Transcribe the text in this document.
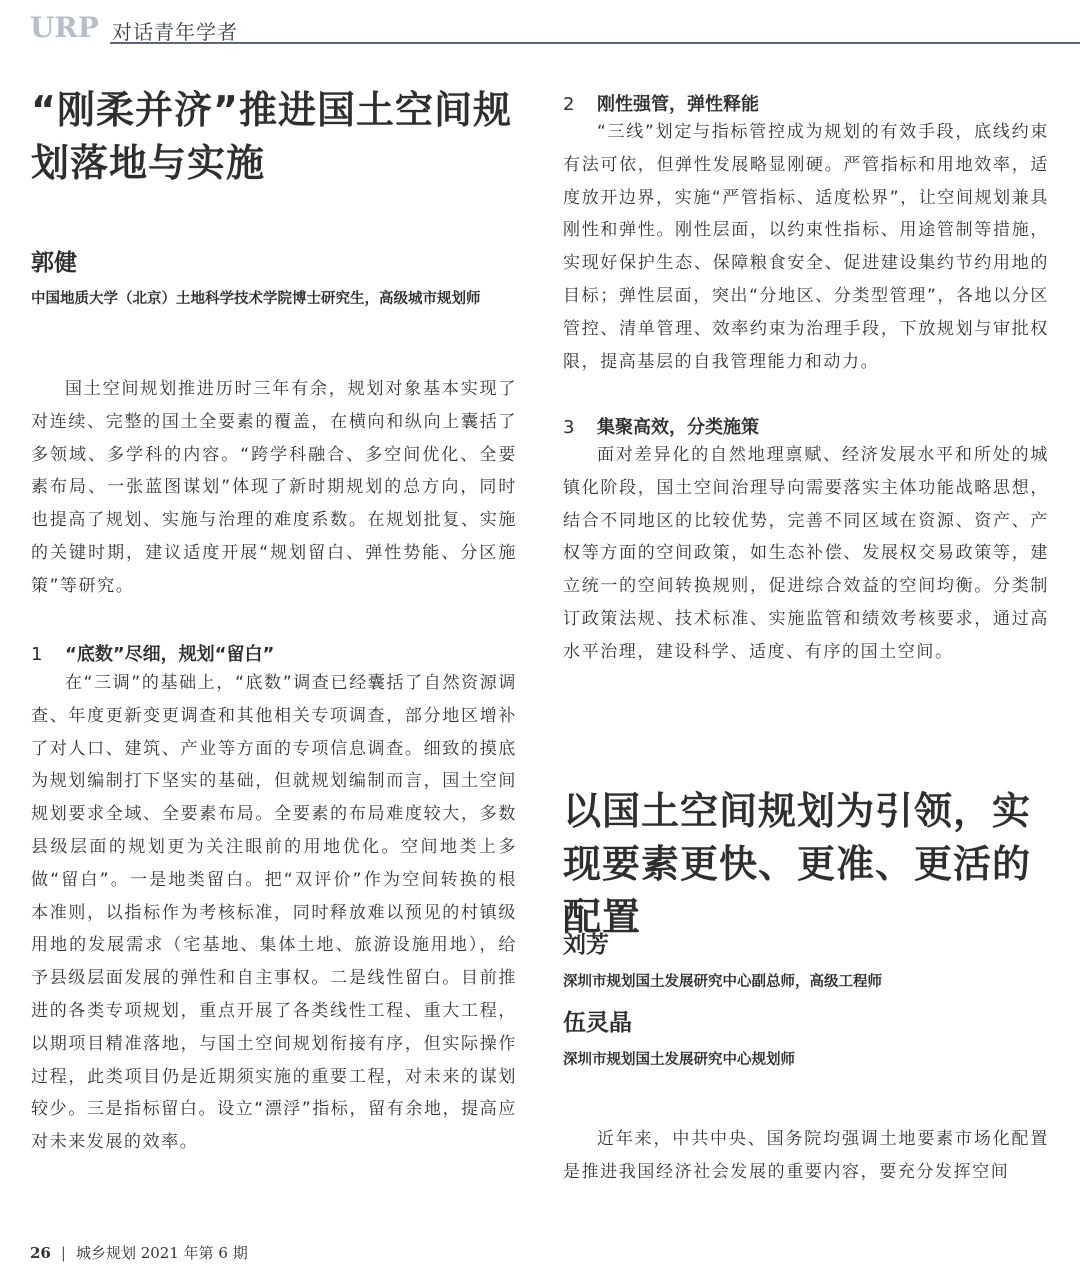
URP 对话青年学者
“刚柔并济”推进国土空间规划落地与实施
郭健
中国地质大学（北京）土地科学技术学院博士研究生，高级城市规划师

国土空间规划推进历时三年有余，规划对象基本实现了对连续、完整的国土全要素的覆盖，在横向和纵向上囊括了多领域、多学科的内容。“跨学科融合、多空间优化、全要素布局、一张蓝图谋划”体现了新时期规划的总方向，同时也提高了规划、实施与治理的难度系数。在规划批复、实施的关键时期，建议适度开展“规划留白、弹性势能、分区施策”等研究。

1 “底数”尽细，规划“留白”

在“三调”的基础上，“底数”调查已经囊括了自然资源调查、年度更新变更调查和其他相关专项调查，部分地区增补了对人口、建筑、产业等方面的专项信息调查。细致的摸底为规划编制打下坚实的基础，但就规划编制而言，国土空间规划要求全域、全要素布局。全要素的布局难度较大，多数县级层面的规划更为关注眼前的用地优化。空间地类上多做“留白”。一是地类留白。把“双评价”作为空间转换的根本准则，以指标作为考核标准，同时释放难以预见的村镇级用地的发展需求（宅基地、集体土地、旅游设施用地），给予县级层面发展的弹性和自主事权。二是线性留白。目前推进的各类专项规划，重点开展了各类线性工程、重大工程，以期项目精准落地，与国土空间规划衔接有序，但实际操作过程，此类项目仍是近期须实施的重要工程，对未来的谋划较少。三是指标留白。设立“漂浮”指标，留有余地，提高应对未来发展的效率。

2 刚性强管，弹性释能

“三线”划定与指标管控成为规划的有效手段，底线约束有法可依，但弹性发展略显刚硬。严管指标和用地效率，适度放开边界，实施“严管指标、适度松界”，让空间规划兼具刚性和弹性。刚性层面，以约束性指标、用途管制等措施，实现好保护生态、保障粮食安全、促进建设集约节约用地的目标；弹性层面，突出“分地区、分类型管理”，各地以分区管控、清单管理、效率约束为治理手段，下放规划与审批权限，提高基层的自我管理能力和动力。

3 集聚高效，分类施策

面对差异化的自然地理禀赋、经济发展水平和所处的城镇化阶段，国土空间治理导向需要落实主体功能战略思想，结合不同地区的比较优势，完善不同区域在资源、资产、产权等方面的空间政策，如生态补偿、发展权交易政策等，建立统一的空间转换规则，促进综合效益的空间均衡。分类制订政策法规、技术标准、实施监管和绩效考核要求，通过高水平治理，建设科学、适度、有序的国土空间。

以国土空间规划为引领，实现要素更快、更准、更活的配置
刘芳
深圳市规划国土发展研究中心副总师，高级工程师
伍灵晶
深圳市规划国土发展研究中心规划师

近年来，中共中央、国务院均强调土地要素市场化配置是推进我国经济社会发展的重要内容，要充分发挥空间

26 | 城乡规划 2021 年第 6 期
